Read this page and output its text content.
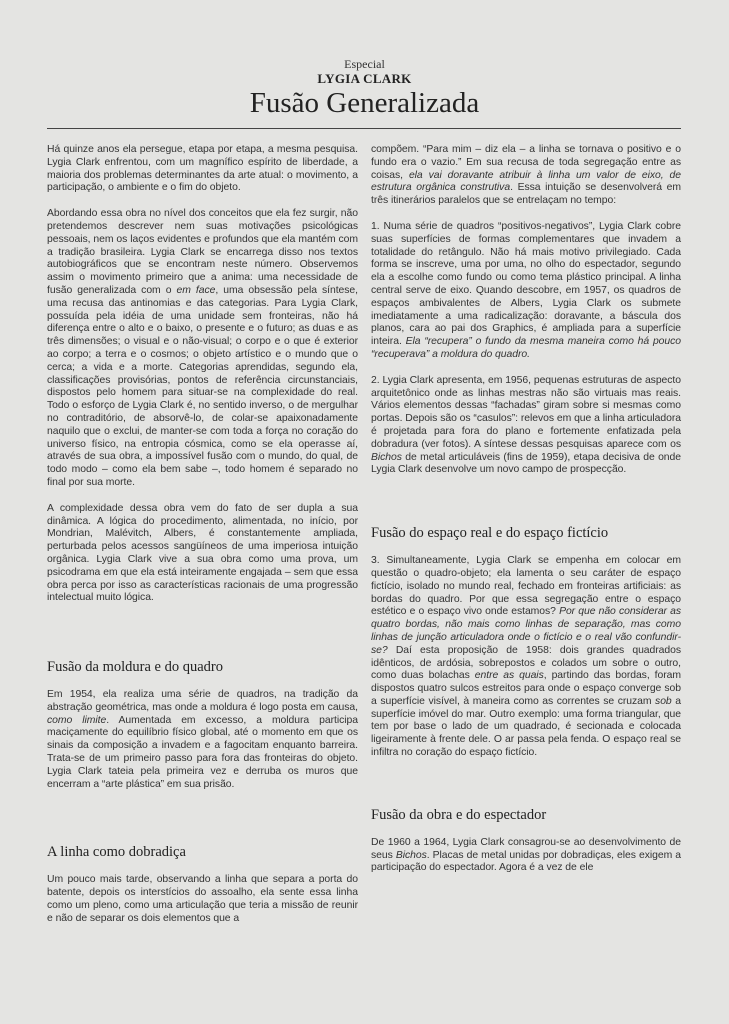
Especial
LYGIA CLARK
Fusão Generalizada

Há quinze anos ela persegue, etapa por etapa, a mesma pesquisa. Lygia Clark enfrentou, com um magnífico espírito de liberdade, a maioria dos problemas determinantes da arte atual: o movimento, a participação, o ambiente e o fim do objeto.

Abordando essa obra no nível dos conceitos que ela fez surgir, não pretendemos descrever nem suas motivações psicológicas pessoais, nem os laços evidentes e profundos que ela mantém com a tradição brasileira. Lygia Clark se encarrega disso nos textos autobiográficos que se encontram neste número. Observemos assim o movimento primeiro que a anima: uma necessidade de fusão generalizada com o em face, uma obsessão pela síntese, uma recusa das antinomias e das categorias. Para Lygia Clark, possuída pela idéia de uma unidade sem fronteiras, não há diferença entre o alto e o baixo, o presente e o futuro; as duas e as três dimensões; o visual e o não-visual; o corpo e o que é exterior ao corpo; a terra e o cosmos; o objeto artístico e o mundo que o cerca; a vida e a morte. Categorias aprendidas, segundo ela, classificações provisórias, pontos de referência circunstanciais, dispostos pelo homem para situar-se na complexidade do real. Todo o esforço de Lygia Clark é, no sentido inverso, o de mergulhar no contraditório, de absorvê-lo, de colar-se apaixonadamente naquilo que o exclui, de manter-se com toda a força no coração do universo físico, na entropia cósmica, como se ela operasse aí, através de sua obra, a impossível fusão com o mundo, do qual, de todo modo – como ela bem sabe –, todo homem é separado no final por sua morte.

A complexidade dessa obra vem do fato de ser dupla a sua dinâmica. A lógica do procedimento, alimentada, no início, por Mondrian, Malévitch, Albers, é constantemente ampliada, perturbada pelos acessos sangüíneos de uma imperiosa intuição orgânica. Lygia Clark vive a sua obra como uma prova, um psicodrama em que ela está inteiramente engajada – sem que essa obra perca por isso as características racionais de uma progressão intelectual muito lógica.

Fusão da moldura e do quadro

Em 1954, ela realiza uma série de quadros, na tradição da abstração geométrica, mas onde a moldura é logo posta em causa, como limite. Aumentada em excesso, a moldura participa maciçamente do equilíbrio físico global, até o momento em que os sinais da composição a invadem e a fagocitam enquanto barreira. Trata-se de um primeiro passo para fora das fronteiras do objeto. Lygia Clark tateia pela primeira vez e derruba os muros que encerram a “arte plástica” em sua prisão.

A linha como dobradiça

Um pouco mais tarde, observando a linha que separa a porta do batente, depois os interstícios do assoalho, ela sente essa linha como um pleno, como uma articulação que teria a missão de reunir e não de separar os dois elementos que a

compõem. “Para mim – diz ela – a linha se tornava o positivo e o fundo era o vazio.” Em sua recusa de toda segregação entre as coisas, ela vai doravante atribuir à linha um valor de eixo, de estrutura orgânica construtiva. Essa intuição se desenvolverá em três itinerários paralelos que se entrelaçam no tempo:

1. Numa série de quadros “positivos-negativos”, Lygia Clark cobre suas superfícies de formas complementares que invadem a totalidade do retângulo. Não há mais motivo privilegiado. Cada forma se inscreve, uma por uma, no olho do espectador, segundo ela a escolhe como fundo ou como tema plástico principal. A linha central serve de eixo. Quando descobre, em 1957, os quadros de espaços ambivalentes de Albers, Lygia Clark os submete imediatamente a uma radicalização: doravante, a báscula dos planos, cara ao pai dos Graphics, é ampliada para a superfície inteira. Ela “recupera” o fundo da mesma maneira como há pouco “recuperava” a moldura do quadro.

2. Lygia Clark apresenta, em 1956, pequenas estruturas de aspecto arquitetônico onde as linhas mestras não são virtuais mas reais. Vários elementos dessas “fachadas” giram sobre si mesmas como portas. Depois são os “casulos”: relevos em que a linha articuladora é projetada para fora do plano e fortemente enfatizada pela dobradura (ver fotos). A síntese dessas pesquisas aparece com os Bichos de metal articuláveis (fins de 1959), etapa decisiva de onde Lygia Clark desenvolve um novo campo de prospecção.

Fusão do espaço real e do espaço fictício

3. Simultaneamente, Lygia Clark se empenha em colocar em questão o quadro-objeto; ela lamenta o seu caráter de espaço fictício, isolado no mundo real, fechado em fronteiras artificiais: as bordas do quadro. Por que essa segregação entre o espaço estético e o espaço vivo onde estamos? Por que não considerar as quatro bordas, não mais como linhas de separação, mas como linhas de junção articuladora onde o fictício e o real vão confundir-se? Daí esta proposição de 1958: dois grandes quadrados idênticos, de ardósia, sobrepostos e colados um sobre o outro, como duas bolachas entre as quais, partindo das bordas, foram dispostos quatro sulcos estreitos para onde o espaço converge sob a superfície visível, à maneira como as correntes se cruzam sob a superfície imóvel do mar. Outro exemplo: uma forma triangular, que tem por base o lado de um quadrado, é secionada e colocada ligeiramente à frente dele. O ar passa pela fenda. O espaço real se infiltra no coração do espaço fictício.

Fusão da obra e do espectador

De 1960 a 1964, Lygia Clark consagrou-se ao desenvolvimento de seus Bichos. Placas de metal unidas por dobradiças, eles exigem a participação do espectador. Agora é a vez de ele
